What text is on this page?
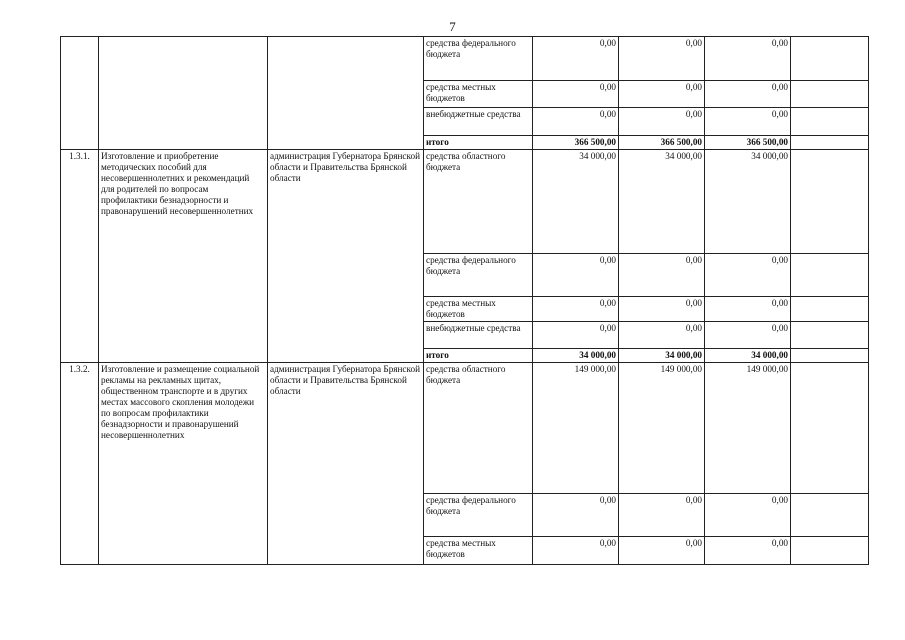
7
			средства федерального бюджета	0,00	0,00	0,00	
			средства местных бюджетов	0,00	0,00	0,00	
			внебюджетные средства	0,00	0,00	0,00	
			итого	366 500,00	366 500,00	366 500,00	
1.3.1.	Изготовление и приобретение методических пособий для несовершеннолетних и рекомендаций для родителей по вопросам профилактики безнадзорности и правонарушений несовершеннолетних	администрация Губернатора Брянской области и Правительства Брянской области	средства областного бюджета	34 000,00	34 000,00	34 000,00	
			средства федерального бюджета	0,00	0,00	0,00	
			средства местных бюджетов	0,00	0,00	0,00	
			внебюджетные средства	0,00	0,00	0,00	
			итого	34 000,00	34 000,00	34 000,00	
1.3.2.	Изготовление и размещение социальной рекламы на рекламных щитах, общественном транспорте и в других местах массового скопления молодежи по вопросам профилактики безнадзорности и правонарушений несовершеннолетних	администрация Губернатора Брянской области и Правительства Брянской области	средства областного бюджета	149 000,00	149 000,00	149 000,00	
			средства федерального бюджета	0,00	0,00	0,00	
			средства местных бюджетов	0,00	0,00	0,00	
